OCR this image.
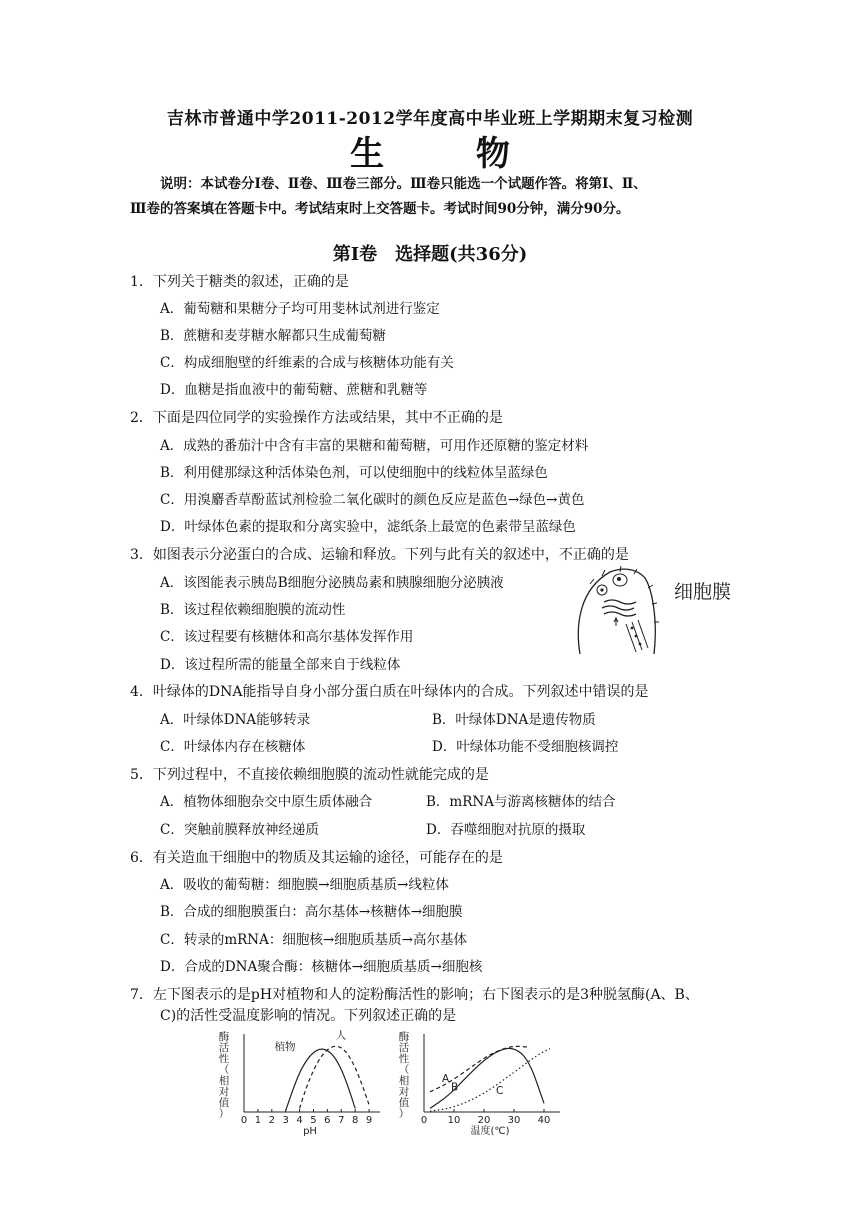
吉林市普通中学2011-2012学年度高中毕业班上学期期末复习检测
生 物
说明：本试卷分Ⅰ卷、Ⅱ卷、Ⅲ卷三部分。Ⅲ卷只能选一个试题作答。将第Ⅰ、Ⅱ、
Ⅲ卷的答案填在答题卡中。考试结束时上交答题卡。考试时间90分钟，满分90分。
第Ⅰ卷　选择题(共36分)
1．下列关于糖类的叙述，正确的是
A．葡萄糖和果糖分子均可用斐林试剂进行鉴定
B．蔗糖和麦芽糖水解都只生成葡萄糖
C．构成细胞壁的纤维素的合成与核糖体功能有关
D．血糖是指血液中的葡萄糖、蔗糖和乳糖等
2．下面是四位同学的实验操作方法或结果，其中不正确的是
A．成熟的番茄汁中含有丰富的果糖和葡萄糖，可用作还原糖的鉴定材料
B．利用健那绿这种活体染色剂，可以使细胞中的线粒体呈蓝绿色
C．用溴麝香草酚蓝试剂检验二氧化碳时的颜色反应是蓝色→绿色→黄色
D．叶绿体色素的提取和分离实验中，滤纸条上最宽的色素带呈蓝绿色
3．如图表示分泌蛋白的合成、运输和释放。下列与此有关的叙述中，不正确的是
A．该图能表示胰岛B细胞分泌胰岛素和胰腺细胞分泌胰液
B．该过程依赖细胞膜的流动性
C．该过程要有核糖体和高尔基体发挥作用
D．该过程所需的能量全部来自于线粒体
细胞膜
4．叶绿体的DNA能指导自身小部分蛋白质在叶绿体内的合成。下列叙述中错误的是
A．叶绿体DNA能够转录	B．叶绿体DNA是遗传物质
C．叶绿体内存在核糖体	D．叶绿体功能不受细胞核调控
5．下列过程中，不直接依赖细胞膜的流动性就能完成的是
A．植物体细胞杂交中原生质体融合	B．mRNA与游离核糖体的结合
C．突触前膜释放神经递质	D．吞噬细胞对抗原的摄取
6．有关造血干细胞中的物质及其运输的途径，可能存在的是
A．吸收的葡萄糖：细胞膜→细胞质基质→线粒体
B．合成的细胞膜蛋白：高尔基体→核糖体→细胞膜
C．转录的mRNA：细胞核→细胞质基质→高尔基体
D．合成的DNA聚合酶：核糖体→细胞质基质→细胞核
7．左下图表示的是pH对植物和人的淀粉酶活性的影响；右下图表示的是3种脱氢酶(A、B、
C)的活性受温度影响的情况。下列叙述正确的是
酶活性（相对值）
0 1 2 3 4 5 6 7 8 9
pH
植物
人	酶活性（相对值）
0 10 20 30 40
温度(℃)
A
B	C
